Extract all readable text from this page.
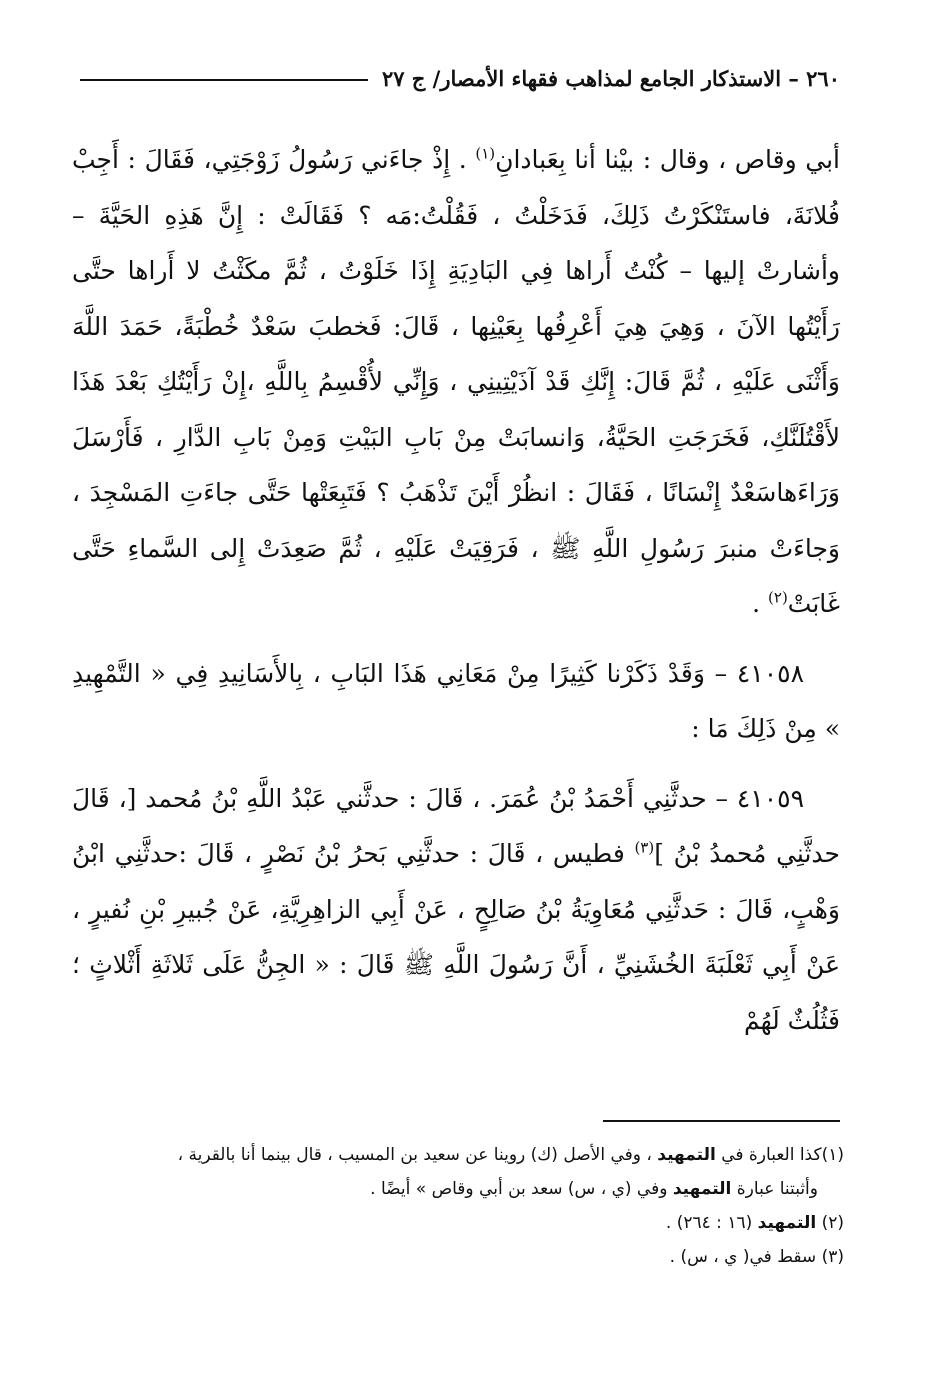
٢٦٠ – الاستذكار الجامع لمذاهب فقهاء الأمصار/ ج ٢٧

أبي وقاص ، وقال : بيْنا أنا بِعَبادانِ$^{(١)}$ . إِذْ جاءَني رَسُولُ زَوْجَتِي، فَقَالَ : أَجِبْ فُلانَةَ، فاستَنْكَرْتُ ذَلِكَ، فَدَخَلْتُ ، فَقُلْتُ:مَه ؟ فَقَالَتْ : إِنَّ هَذِهِ الحَيَّةَ – وأشارتْ إليها – كُنْتُ أَراها فِي البَادِيَةِ إِذَا خَلَوْتُ ، ثُمَّ مكَثْتُ لا أَراها حتَّى رَأَيْتُها الآنَ ، وَهِيَ هِيَ أَعْرِفُها بِعَيْنِها ، قَالَ: فَخطبَ سَعْدٌ خُطْبَةً، حَمَدَ اللَّهَ وَأَثْنَى عَلَيْهِ ، ثُمَّ قَالَ: إِنَّكِ قَدْ آذَيْتِينِي ، وَإِنِّي لأُقْسِمُ بِاللَّهِ ،إِنْ رَأَيْتُكِ بَعْدَ هَذَا لأَقْتُلَنَّكِ، فَخَرَجَتِ الحَيَّةُ، وَانسابَتْ مِنْ بَابِ البَيْتِ وَمِنْ بَابِ الدَّارِ ، فَأَرْسَلَ وَرَاءَهاسَعْدٌ إِنْسَانًا ، فَقَالَ : انظُرْ أَيْنَ تَذْهَبُ ؟ فَتَبِعَتْها حَتَّى جاءَتِ المَسْجِدَ ، وَجاءَتْ منبرَ رَسُولِ اللَّهِ ﷺ ، فَرَقِيَتْ عَلَيْهِ ، ثُمَّ صَعِدَتْ إِلى السَّماءِ حَتَّى غَابَتْ$^{(٢)}$ .

٤١٠٥٨ – وَقَدْ ذَكَرْنا كَثِيرًا مِنْ مَعَانِي هَذَا البَابِ ، بِالأَسَانِيدِ فِي « التَّمْهِيدِ » مِنْ ذَلِكَ مَا :

٤١٠٥٩ – حدثَّنِي أَحْمَدُ بْنُ عُمَرَ. ، قَالَ : حدثَّني عَبْدُ اللَّهِ بْنُ مُحمد [، قَالَ حدثَّنِي مُحمدُ بْنُ ]$^{(٣)}$ فطيس ، قَالَ : حدثَّنِي بَحرُ بْنُ نَصْرٍ ، قَالَ :حدثَّنِي ابْنُ وَهْبٍ، قَالَ : حَدثَّنِي مُعَاوِيَةُ بْنُ صَالِحٍ ، عَنْ أَبِي الزاهِرِيَّةِ، عَنْ جُبيرِ بْنِ نُفيرٍ ، عَنْ أَبِي ثَعْلَبَةَ الخُشَنِيِّ ، أَنَّ رَسُولَ اللَّهِ ﷺ قَالَ : « الجِنُّ عَلَى ثَلاثَةِ أَثْلاثٍ ؛ فَثُلُثٌ لَهُمْ

(١)كذا العبارة في التمهيد ، وفي الأصل (ك) روينا عن سعيد بن المسيب ، قال بينما أنا بالقرية ،

وأثبتنا عبارة التمهيد وفي (ي ، س) سعد بن أبي وقاص » أيضًا .

(٢) التمهيد (١٦ : ٢٦٤) .

(٣) سقط في( ي ، س) .
